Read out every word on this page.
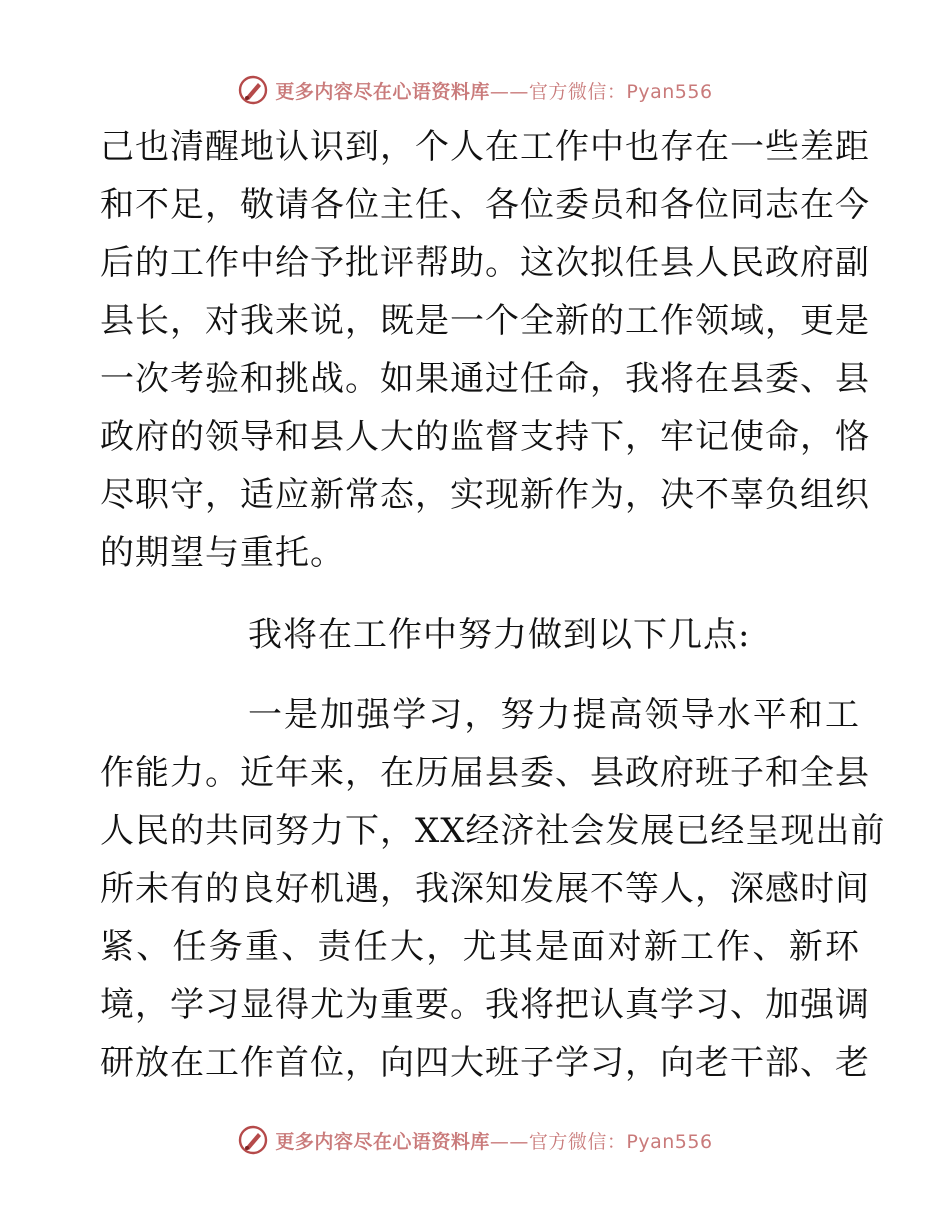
更多内容尽在心语资料库——官方微信：Pyan556
己也清醒地认识到，个人在工作中也存在一些差距
和不足，敬请各位主任、各位委员和各位同志在今
后的工作中给予批评帮助。这次拟任县人民政府副
县长，对我来说，既是一个全新的工作领域，更是
一次考验和挑战。如果通过任命，我将在县委、县
政府的领导和县人大的监督支持下，牢记使命，恪
尽职守，适应新常态，实现新作为，决不辜负组织
的期望与重托。
我将在工作中努力做到以下几点:
一是加强学习，努力提高领导水平和工
作能力。近年来，在历届县委、县政府班子和全县
人民的共同努力下，XX经济社会发展已经呈现出前
所未有的良好机遇，我深知发展不等人，深感时间
紧、任务重、责任大，尤其是面对新工作、新环
境，学习显得尤为重要。我将把认真学习、加强调
研放在工作首位，向四大班子学习，向老干部、老
更多内容尽在心语资料库——官方微信：Pyan556
